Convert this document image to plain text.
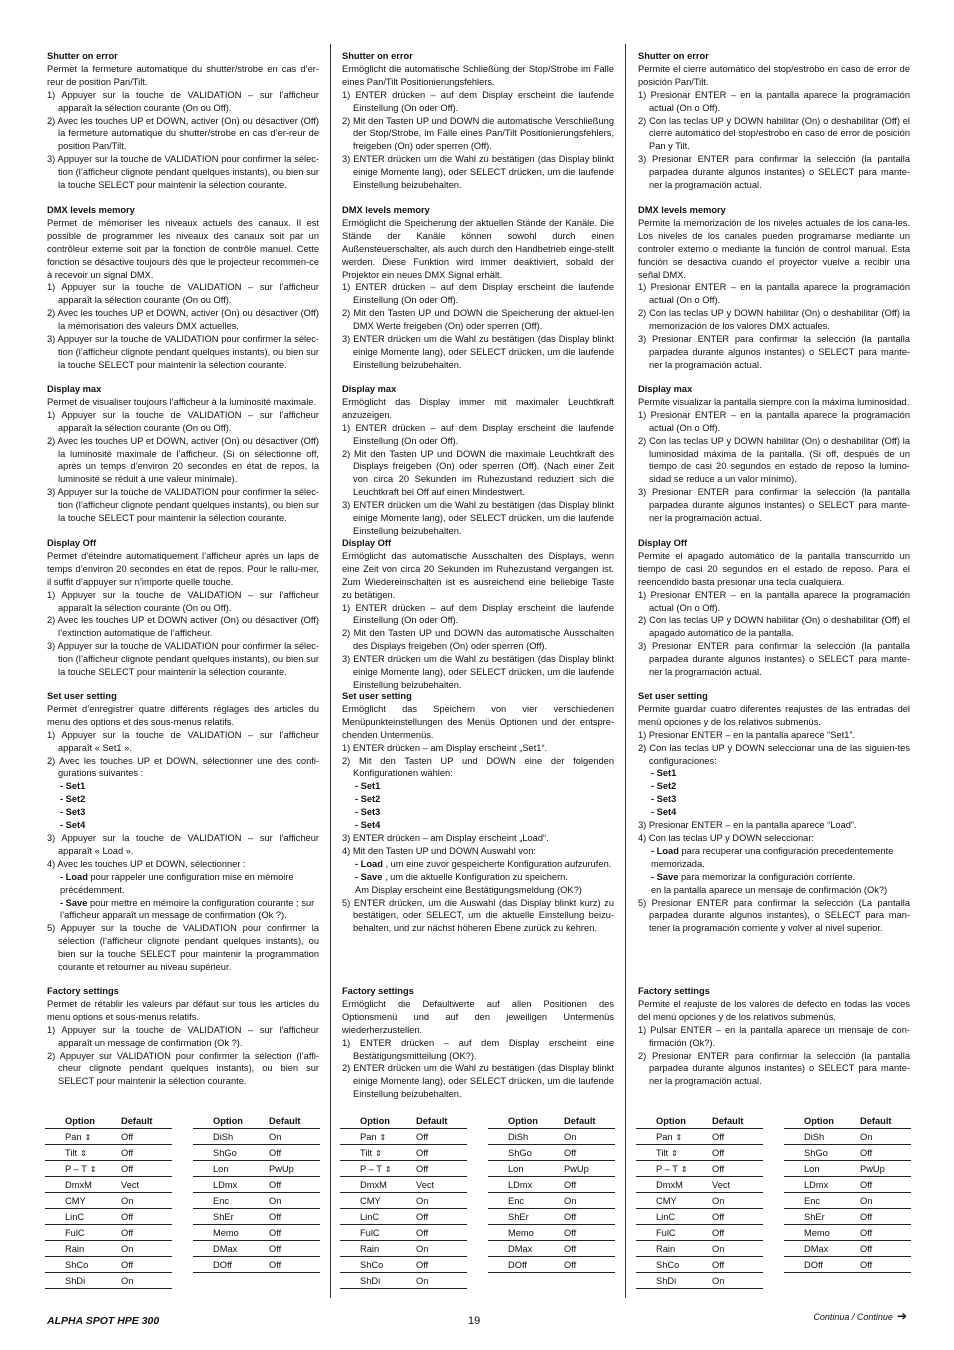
Shutter on error

Permet la fermeture automatique du shutter/strobe en cas d’er-reur de position Pan/Tilt.

1) Appuyer sur la touche de VALIDATION – sur l’afficheur apparaît la sélection courante (On ou Off).
2) Avec les touches UP et DOWN, activer (On) ou désactiver (Off) la fermeture automatique du shutter/strobe en cas d’er-reur de position Pan/Tilt.
3) Appuyer sur la touche de VALIDATION pour confirmer la sélec-tion (l’afficheur clignote pendant quelques instants), ou bien sur la touche SELECT pour maintenir la sélection courante.
DMX levels memory

Permet de mémoriser les niveaux actuels des canaux. Il est possible de programmer les niveaux des canaux soit par un contrôleur externe soit par la fonction de contrôle manuel. Cette fonction se désactive toujours dès que le projecteur recommen-ce à recevoir un signal DMX.

1) Appuyer sur la touche de VALIDATION – sur l’afficheur apparaît la sélection courante (On ou Off).
2) Avec les touches UP et DOWN, activer (On) ou désactiver (Off) la mémorisation des valeurs DMX actuelles.
3) Appuyer sur la touche de VALIDATION pour confirmer la sélec-tion (l’afficheur clignote pendant quelques instants), ou bien sur la touche SELECT pour maintenir la sélection courante.
Display max

Permet de visualiser toujours l’afficheur à la luminosité maximale.

1) Appuyer sur la touche de VALIDATION – sur l’afficheur apparaît la sélection courante (On ou Off).
2) Avec les touches UP et DOWN, activer (On) ou désactiver (Off) la luminosité maximale de l’afficheur. (Si on sélectionne off, après un temps d’environ 20 secondes en état de repos, la luminosité se réduit à une valeur minimale).
3) Appuyer sur la touche de VALIDATION pour confirmer la sélec-tion (l’afficheur clignote pendant quelques instants), ou bien sur la touche SELECT pour maintenir la sélection courante.
Display Off

Permet d’éteindre automatiquement l’afficheur après un laps de temps d’environ 20 secondes en état de repos. Pour le rallu-mer, il suffit d’appuyer sur n’importe quelle touche.

1) Appuyer sur la touche de VALIDATION – sur l’afficheur apparaît la sélection courante (On ou Off).
2) Avec les touches UP et DOWN activer (On) ou désactiver (Off) l’extinction automatique de l’afficheur.
3) Appuyer sur la touche de VALIDATION pour confirmer la sélec-tion (l’afficheur clignote pendant quelques instants), ou bien sur la touche SELECT pour maintenir la sélection courante.
Set user setting

Permet d’enregistrer quatre différents réglages des articles du menu des options et des sous-menus relatifs.

1) Appuyer sur la touche de VALIDATION – sur l’afficheur apparaît « Set1 ».
2) Avec les touches UP et DOWN, sélectionner une des confi-gurations suivantes :
- Set1
- Set2
- Set3
- Set4
3) Appuyer sur la touche de VALIDATION – sur l’afficheur apparaît « Load ».
4) Avec les touches UP et DOWN, sélectionner :
- Load pour rappeler une configuration mise en mémoire précédemment.
- Save pour mettre en mémoire la configuration courante ; sur l’afficheur apparaît un message de confirmation (Ok ?).
5) Appuyer sur la touche de VALIDATION pour confirmer la sélection (l’afficheur clignote pendant quelques instants), ou bien sur la touche SELECT pour maintenir la programmation courante et retourner au niveau supérieur.
Factory settings

Permet de rétablir les valeurs par défaut sur tous les articles du menu options et sous-menus relatifs.

1) Appuyer sur la touche de VALIDATION – sur l’afficheur apparaît un message de confirmation (Ok ?).
2) Appuyer sur VALIDATION pour confirmer la sélection (l’affi-cheur clignote pendant quelques instants), ou bien sur SELECT pour maintenir la sélection courante.
Shutter on error

Ermöglicht die automatische Schließung der Stop/Strobe im Falle eines Pan/Tilt Positionierungsfehlers.

1) ENTER drücken – auf dem Display erscheint die laufende Einstellung (On oder Off).
2) Mit den Tasten UP und DOWN die automatische Verschließung der Stop/Strobe, im Falle eines Pan/Tilt Positionierungsfehlers, freigeben (On) oder sperren (Off).
3) ENTER drücken um die Wahl zu bestätigen (das Display blinkt einige Momente lang), oder SELECT drücken, um die laufende Einstellung beizubehalten.
DMX levels memory

Ermöglicht die Speicherung der aktuellen Stände der Kanäle. Die Stände der Kanäle können sowohl durch einen Außensteuerschalter, als auch durch den Handbetrieb einge-stellt werden. Diese Funktion wird immer deaktiviert, sobald der Projektor ein neues DMX Signal erhält.

1) ENTER drücken – auf dem Display erscheint die laufende Einstellung (On oder Off).
2) Mit den Tasten UP und DOWN die Speicherung der aktuel-len DMX Werte freigeben (On) oder sperren (Off).
3) ENTER drücken um die Wahl zu bestätigen (das Display blinkt einige Momente lang), oder SELECT drücken, um die laufende Einstellung beizubehalten.
Display max

Ermöglicht das Display immer mit maximaler Leuchtkraft anzuzeigen.

1) ENTER drücken – auf dem Display erscheint die laufende Einstellung (On oder Off).
2) Mit den Tasten UP und DOWN die maximale Leuchtkraft des Displays freigeben (On) oder sperren (Off). (Nach einer Zeit von circa 20 Sekunden im Ruhezustand reduziert sich die Leuchtkraft bei Off auf einen Mindestwert.
3) ENTER drücken um die Wahl zu bestätigen (das Display blinkt einige Momente lang), oder SELECT drücken, um die laufende Einstellung beizubehalten.
Display Off

Ermöglicht das automatische Ausschalten des Displays, wenn eine Zeit von circa 20 Sekunden im Ruhezustand vergangen ist. Zum Wiedereinschalten ist es ausreichend eine beliebige Taste zu betätigen.

1) ENTER drücken – auf dem Display erscheint die laufende Einstellung (On oder Off).
2) Mit den Tasten UP und DOWN das automatische Ausschalten des Displays freigeben (On) oder sperren (Off).
3) ENTER drücken um die Wahl zu bestätigen (das Display blinkt einige Momente lang), oder SELECT drücken, um die laufende Einstellung beizubehalten.
Set user setting

Ermöglicht das Speichern von vier verschiedenen Menüpunkteinstellungen des Menüs Optionen und der entspre-chenden Untermenüs.

1) ENTER drücken – am Display erscheint „Set1“.
2) Mit den Tasten UP und DOWN eine der folgenden Konfigurationen wählen:
- Set1
- Set2
- Set3
- Set4
3) ENTER drücken – am Display erscheint „Load“.
4) Mit den Tasten UP und DOWN Auswahl von:
- Load , um eine zuvor gespeicherte Konfiguration aufzurufen.
- Save , um die aktuelle Konfiguration zu speichern.
Am Display erscheint eine Bestätigungsmeldung (OK?)
5) ENTER drücken, um die Auswahl (das Display blinkt kurz) zu bestätigen, oder SELECT, um die aktuelle Einstellung beizu-behalten, und zur nächst höheren Ebene zurück zu kehren.
Factory settings

Ermöglicht die Defaultwerte auf allen Positionen des Optionsmenü und auf den jeweiligen Untermenüs wiederherzustellen.

1) ENTER drücken – auf dem Display erscheint eine Bestätigungsmitteilung (OK?).
2) ENTER drücken um die Wahl zu bestätigen (das Display blinkt einige Momente lang), oder SELECT drücken, um die laufende Einstellung beizubehalten.
Shutter on error

Permite el cierre automático del stop/estrobo en caso de error de posición Pan/Tilt.

1) Presionar ENTER – en la pantalla aparece la programación actual (On o Off).
2) Con las teclas UP y DOWN habilitar (On) o deshabilitar (Off) el cierre automático del stop/estrobo en caso de error de posición Pan y Tilt.
3) Presionar ENTER para confirmar la selección (la pantalla parpadea durante algunos instantes) o SELECT para mante-ner la programación actual.
DMX levels memory

Permite la memorización de los niveles actuales de los cana-les. Los niveles de los canales pueden programarse mediante un controler externo o mediante la función de control manual. Esta función se desactiva cuando el proyector vuelve a recibir una señal DMX.

1) Presionar ENTER – en la pantalla aparece la programación actual (On o Off).
2) Con las teclas UP y DOWN habilitar (On) o deshabilitar (Off) la memorización de los valores DMX actuales.
3) Presionar ENTER para confirmar la selección (la pantalla parpadea durante algunos instantes) o SELECT para mante-ner la programación actual.
Display max

Permite visualizar la pantalla siempre con la máxima luminosidad.

1) Presionar ENTER – en la pantalla aparece la programación actual (On o Off).
2) Con las teclas UP y DOWN habilitar (On) o deshabilitar (Off) la luminosidad máxima de la pantalla. (Si off, después de un tiempo de casi 20 segundos en estado de reposo la lumino-sidad se reduce a un valor mínimo).
3) Presionar ENTER para confirmar la selección (la pantalla parpadea durante algunos instantes) o SELECT para mante-ner la programación actual.
Display Off

Permite el apagado automático de la pantalla transcurrido un tiempo de casi 20 segundos en el estado de reposo. Para el reencendido basta presionar una tecla cualquiera.

1) Presionar ENTER – en la pantalla aparece la programación actual (On o Off).
2) Con las teclas UP y DOWN habilitar (On) o deshabilitar (Off) el apagado automático de la pantalla.
3) Presionar ENTER para confirmar la selección (la pantalla parpadea durante algunos instantes) o SELECT para mante-ner la programación actual.
Set user setting

Permite guardar cuatro diferentes reajustes de las entradas del menú opciones y de los relativos submenús.

1) Presionar ENTER – en la pantalla aparece “Set1”.
2) Con las teclas UP y DOWN seleccionar una de las siguien-tes configuraciones:
- Set1
- Set2
- Set3
- Set4
3) Presionar ENTER – en la pantalla aparece “Load”.
4) Con las teclas UP y DOWN seleccionar:
- Load para recuperar una configuración precedentemente memorizada.
- Save para memorizar la configuración corriente.
en la pantalla aparece un mensaje de confirmación (Ok?)
5) Presionar ENTER para confirmar la selección (La pantalla parpadea durante algunos instantes), o SELECT para man-tener la programación corriente y volver al nivel superior.
Factory settings

Permite el reajuste de los valores de defecto en todas las voces del menú opciones y de los relativos submenús.

1) Pulsar ENTER – en la pantalla aparece un mensaje de con-firmación (Ok?).
2) Presionar ENTER para confirmar la selección (la pantalla parpadea durante algunos instantes) o SELECT para mante-ner la programación actual.
ALPHA SPOT HPE 300	19	Continua / Continue ➔
Option	Default
Pan ⇕	Off
Tilt ⇕	Off
P – T ⇕	Off
DmxM	Vect
CMY	On
LinC	Off
FulC	Off
Rain	On
ShCo	Off
ShDi	On
Option	Default
DiSh	On
ShGo	Off
Lon	PwUp
LDmx	Off
Enc	On
ShEr	Off
Memo	Off
DMax	Off
DOff	Off
Option	Default
Pan ⇕	Off
Tilt ⇕	Off
P – T ⇕	Off
DmxM	Vect
CMY	On
LinC	Off
FulC	Off
Rain	On
ShCo	Off
ShDi	On
Option	Default
DiSh	On
ShGo	Off
Lon	PwUp
LDmx	Off
Enc	On
ShEr	Off
Memo	Off
DMax	Off
DOff	Off
Option	Default
Pan ⇕	Off
Tilt ⇕	Off
P – T ⇕	Off
DmxM	Vect
CMY	On
LinC	Off
FulC	Off
Rain	On
ShCo	Off
ShDi	On
Option	Default
DiSh	On
ShGo	Off
Lon	PwUp
LDmx	Off
Enc	On
ShEr	Off
Memo	Off
DMax	Off
DOff	Off
